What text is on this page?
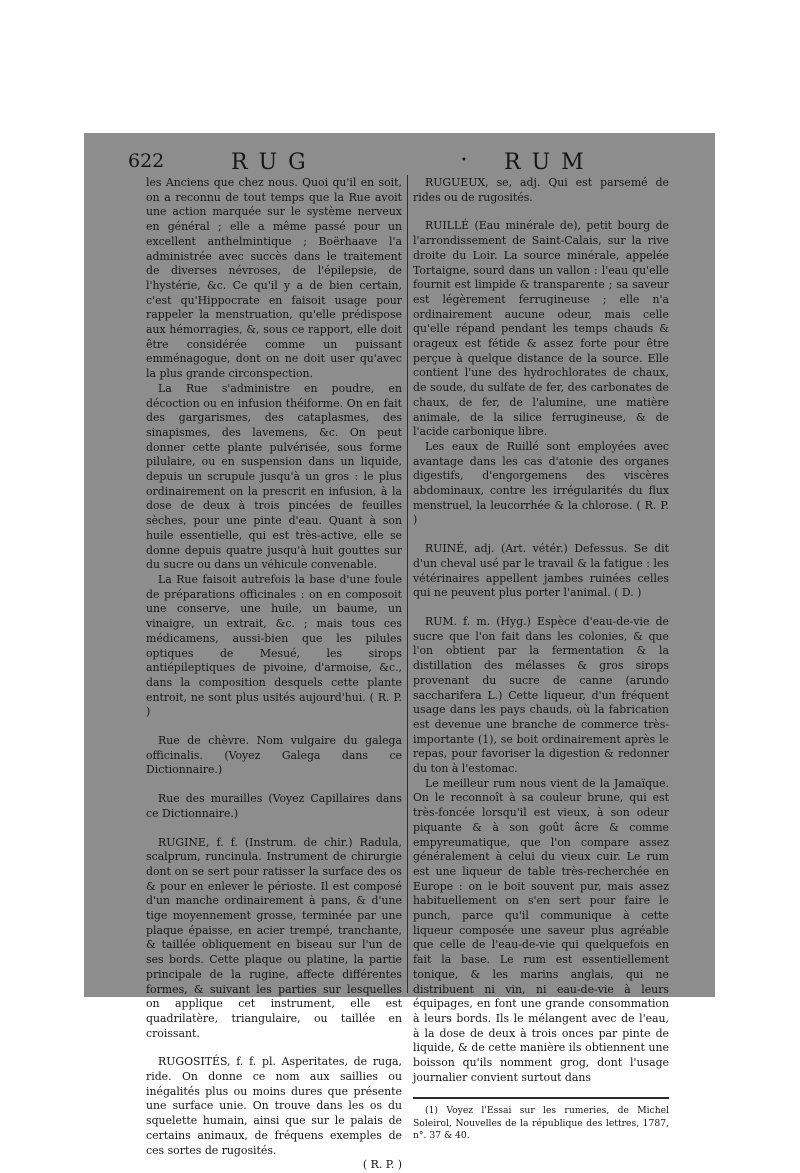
622	RUG	• RUM

les Anciens que chez nous. Quoi qu'il en soit, on a reconnu de tout temps que la Rue avoit une action marquée sur le système nerveux en général ; elle a même passé pour un excellent anthelmintique ; Boërhaave l'a administrée avec succès dans le traitement de diverses névroses, de l'épilepsie, de l'hystérie, &c. Ce qu'il y a de bien certain, c'est qu'Hippocrate en faisoit usage pour rappeler la menstruation, qu'elle prédispose aux hémorragies, &, sous ce rapport, elle doit être considérée comme un puissant emménagogue, dont on ne doit user qu'avec la plus grande circonspection.

La Rue s'administre en poudre, en décoction ou en infusion théiforme. On en fait des gargarismes, des cataplasmes, des sinapismes, des lavemens, &c. On peut donner cette plante pulvérisée, sous forme pilulaire, ou en suspension dans un liquide, depuis un scrupule jusqu'à un gros : le plus ordinairement on la prescrit en infusion, à la dose de deux à trois pincées de feuilles sèches, pour une pinte d'eau. Quant à son huile essentielle, qui est très-active, elle se donne depuis quatre jusqu'à huit gouttes sur du sucre ou dans un véhicule convenable.

La Rue faisoit autrefois la base d'une foule de préparations officinales : on en composoit une conserve, une huile, un baume, un vinaigre, un extrait, &c. ; mais tous ces médicamens, aussi-bien que les pilules optiques de Mesué, les sirops antiépileptiques de pivoine, d'armoise, &c., dans la composition desquels cette plante entroit, ne sont plus usités aujourd'hui. ( R. P. )

Rue de chèvre. Nom vulgaire du galega officinalis. (Voyez Galega dans ce Dictionnaire.)

Rue des murailles (Voyez Capillaires dans ce Dictionnaire.)

RUGINE, f. f. (Instrum. de chir.) Radula, scalprum, runcinula. Instrument de chirurgie dont on se sert pour ratisser la surface des os & pour en enlever le périoste. Il est composé d'un manche ordinairement à pans, & d'une tige moyennement grosse, terminée par une plaque épaisse, en acier trempé, tranchante, & taillée obliquement en biseau sur l'un de ses bords. Cette plaque ou platine, la partie principale de la rugine, affecte différentes formes, & suivant les parties sur lesquelles on applique cet instrument, elle est quadrilatère, triangulaire, ou taillée en croissant.

RUGOSITÉS, f. f. pl. Asperitates, de ruga, ride. On donne ce nom aux saillies ou inégalités plus ou moins dures que présente une surface unie. On trouve dans les os du squelette humain, ainsi que sur le palais de certains animaux, de fréquens exemples de ces sortes de rugosités.

( R. P. )

RUGUEUX, se, adj. Qui est parsemé de rides ou de rugosités.

RUILLÉ (Eau minérale de), petit bourg de l'arrondissement de Saint-Calais, sur la rive droite du Loir. La source minérale, appelée Tortaigne, sourd dans un vallon : l'eau qu'elle fournit est limpide & transparente ; sa saveur est légèrement ferrugineuse ; elle n'a ordinairement aucune odeur, mais celle qu'elle répand pendant les temps chauds & orageux est fétide & assez forte pour être perçue à quelque distance de la source. Elle contient l'une des hydrochlorates de chaux, de soude, du sulfate de fer, des carbonates de chaux, de fer, de l'alumine, une matière animale, de la silice ferrugineuse, & de l'acide carbonique libre.

Les eaux de Ruillé sont employées avec avantage dans les cas d'atonie des organes digestifs, d'engorgemens des viscères abdominaux, contre les irrégularités du flux menstruel, la leucorrhée & la chlorose. ( R. P. )

RUINÉ, adj. (Art. vétér.) Defessus. Se dit d'un cheval usé par le travail & la fatigue : les vétérinaires appellent jambes ruinées celles qui ne peuvent plus porter l'animal. ( D. )

RUM. f. m. (Hyg.) Espèce d'eau-de-vie de sucre que l'on fait dans les colonies, & que l'on obtient par la fermentation & la distillation des mélasses & gros sirops provenant du sucre de canne (arundo saccharifera L.) Cette liqueur, d'un fréquent usage dans les pays chauds, où la fabrication est devenue une branche de commerce très-importante (1), se boit ordinairement après le repas, pour favoriser la digestion & redonner du ton à l'estomac.

Le meilleur rum nous vient de la Jamaïque. On le reconnoît à sa couleur brune, qui est très-foncée lorsqu'il est vieux, à son odeur piquante & à son goût âcre & comme empyreumatique, que l'on compare assez généralement à celui du vieux cuir. Le rum est une liqueur de table très-recherchée en Europe : on le boit souvent pur, mais assez habituellement on s'en sert pour faire le punch, parce qu'il communique à cette liqueur composée une saveur plus agréable que celle de l'eau-de-vie qui quelquefois en fait la base. Le rum est essentiellement tonique, & les marins anglais, qui ne distribuent ni vin, ni eau-de-vie à leurs équipages, en font une grande consommation à leurs bords. Ils le mélangent avec de l'eau, à la dose de deux à trois onces par pinte de liquide, & de cette manière ils obtiennent une boisson qu'ils nomment grog, dont l'usage journalier convient surtout dans

(1) Voyez l'Essai sur les rumeries, de Michel Soleirol, Nouvelles de la république des lettres, 1787, n°. 37 & 40.
